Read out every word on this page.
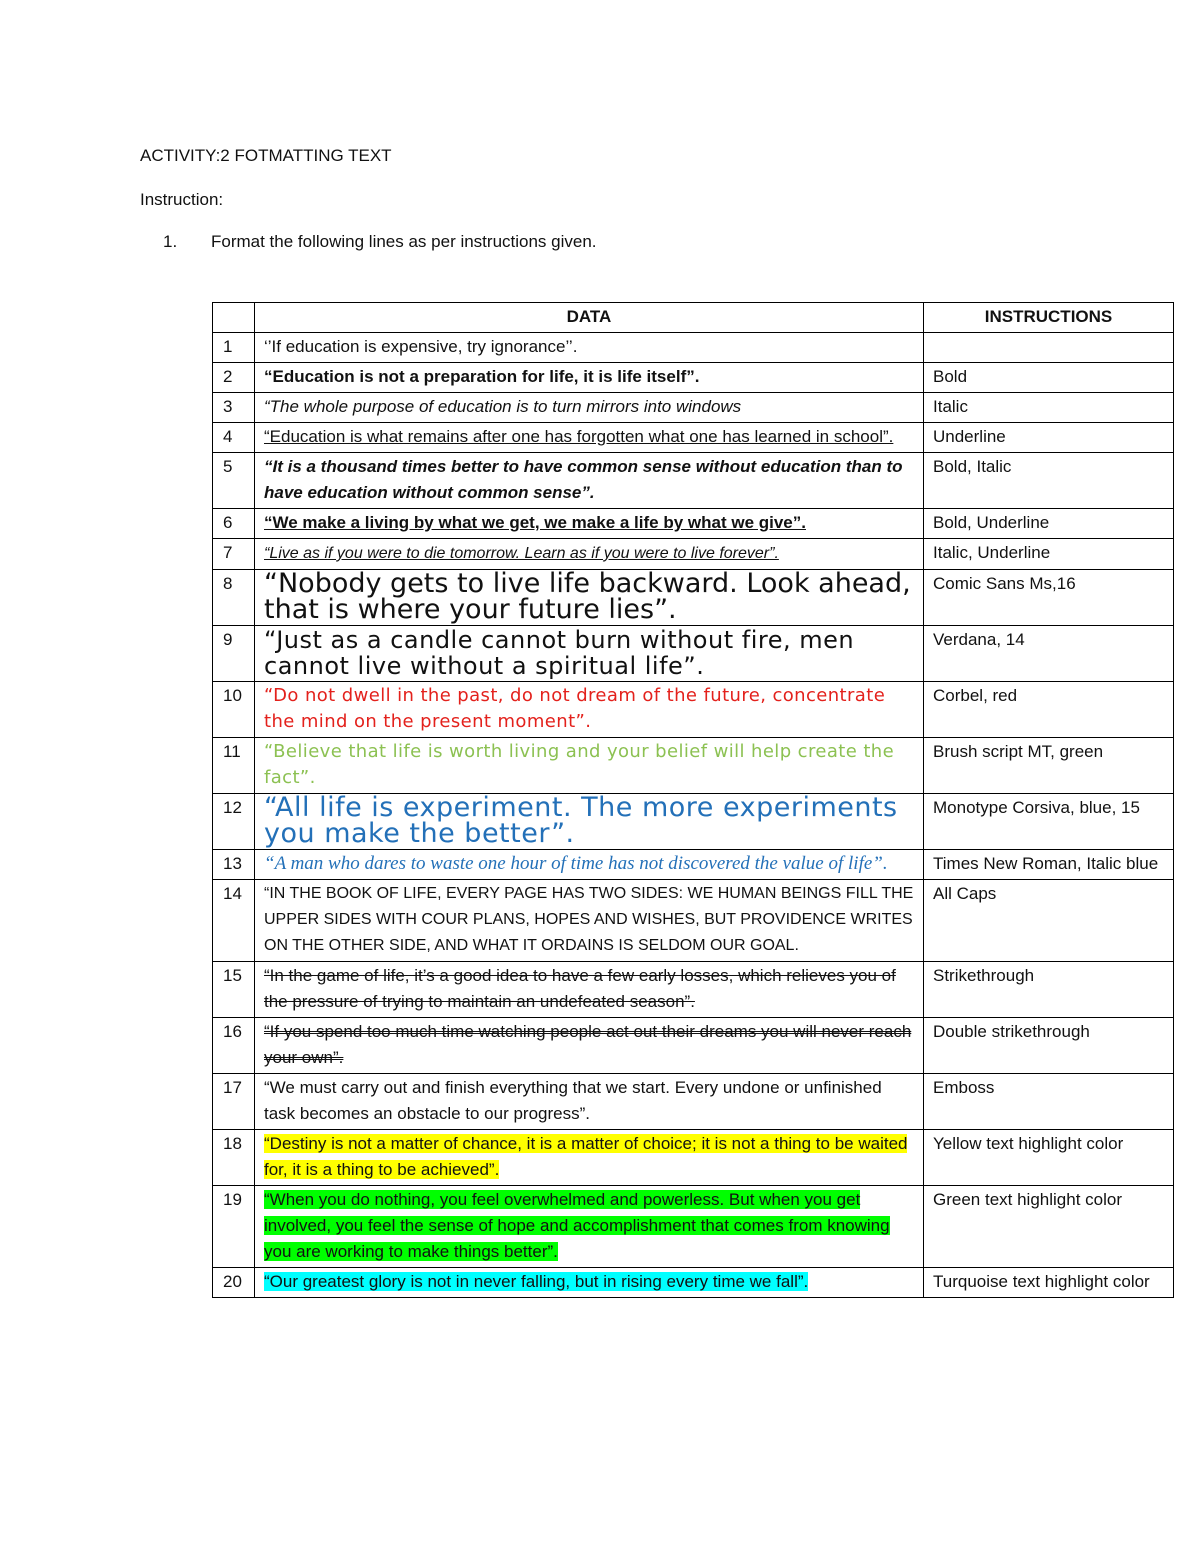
ACTIVITY:2 FOTMATTING TEXT
Instruction:
1. Format the following lines as per instructions given.
	DATA	INSTRUCTIONS
1	‘’If education is expensive, try ignorance’’.	
2	“Education is not a preparation for life, it is life itself”.	Bold
3	“The whole purpose of education is to turn mirrors into windows	Italic
4	“Education is what remains after one has forgotten what one has learned in school”.	Underline
5	“It is a thousand times better to have common sense without education than to have education without common sense”.	Bold, Italic
6	“We make a living by what we get, we make a life by what we give”.	Bold, Underline
7	“Live as if you were to die tomorrow. Learn as if you were to live forever”.	Italic, Underline
8	“Nobody gets to live life backward. Look ahead, that is where your future lies”.	Comic Sans Ms,16
9	“Just as a candle cannot burn without fire, men cannot live without a spiritual life”.	Verdana, 14
10	“Do not dwell in the past, do not dream of the future, concentrate the mind on the present moment”.	Corbel, red
11	“Believe that life is worth living and your belief will help create the fact”.	Brush script MT, green
12	“All life is experiment. The more experiments you make the better”.	Monotype Corsiva, blue, 15
13	“A man who dares to waste one hour of time has not discovered the value of life”.	Times New Roman, Italic blue
14	“IN THE BOOK OF LIFE, EVERY PAGE HAS TWO SIDES: WE HUMAN BEINGS FILL THE UPPER SIDES WITH COUR PLANS, HOPES AND WISHES, BUT PROVIDENCE WRITES ON THE OTHER SIDE, AND WHAT IT ORDAINS IS SELDOM OUR GOAL.	All Caps
15	“In the game of life, it’s a good idea to have a few early losses, which relieves you of the pressure of trying to maintain an undefeated season”.	Strikethrough
16	“If you spend too much time watching people act out their dreams you will never reach your own”.	Double strikethrough
17	“We must carry out and finish everything that we start. Every undone or unfinished task becomes an obstacle to our progress”.	Emboss
18	“Destiny is not a matter of chance, it is a matter of choice; it is not a thing to be waited for, it is a thing to be achieved”.	Yellow text highlight color
19	“When you do nothing, you feel overwhelmed and powerless. But when you get involved, you feel the sense of hope and accomplishment that comes from knowing you are working to make things better”.	Green text highlight color
20	“Our greatest glory is not in never falling, but in rising every time we fall”.	Turquoise text highlight color
